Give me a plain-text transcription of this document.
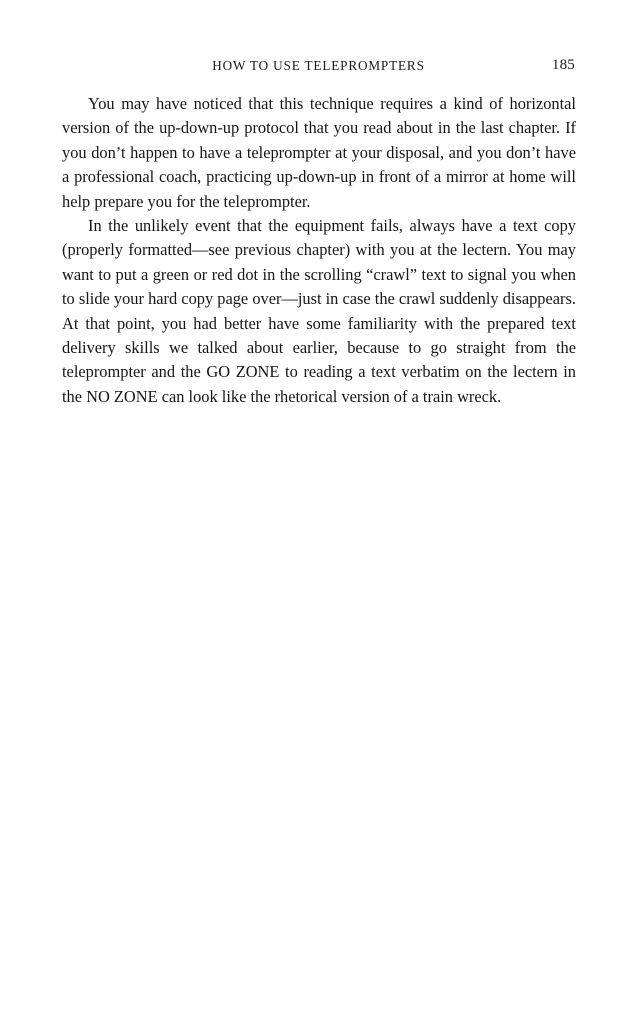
HOW TO USE TELEPROMPTERS	185

You may have noticed that this technique requires a kind of horizontal version of the up-down-up protocol that you read about in the last chapter. If you don’t happen to have a teleprompter at your disposal, and you don’t have a professional coach, practicing up-down-up in front of a mirror at home will help prepare you for the teleprompter.

In the unlikely event that the equipment fails, always have a text copy (properly formatted—see previous chapter) with you at the lectern. You may want to put a green or red dot in the scrolling “crawl” text to signal you when to slide your hard copy page over—just in case the crawl suddenly disappears. At that point, you had better have some familiarity with the prepared text delivery skills we talked about earlier, because to go straight from the teleprompter and the GO ZONE to reading a text verbatim on the lectern in the NO ZONE can look like the rhetorical version of a train wreck.
